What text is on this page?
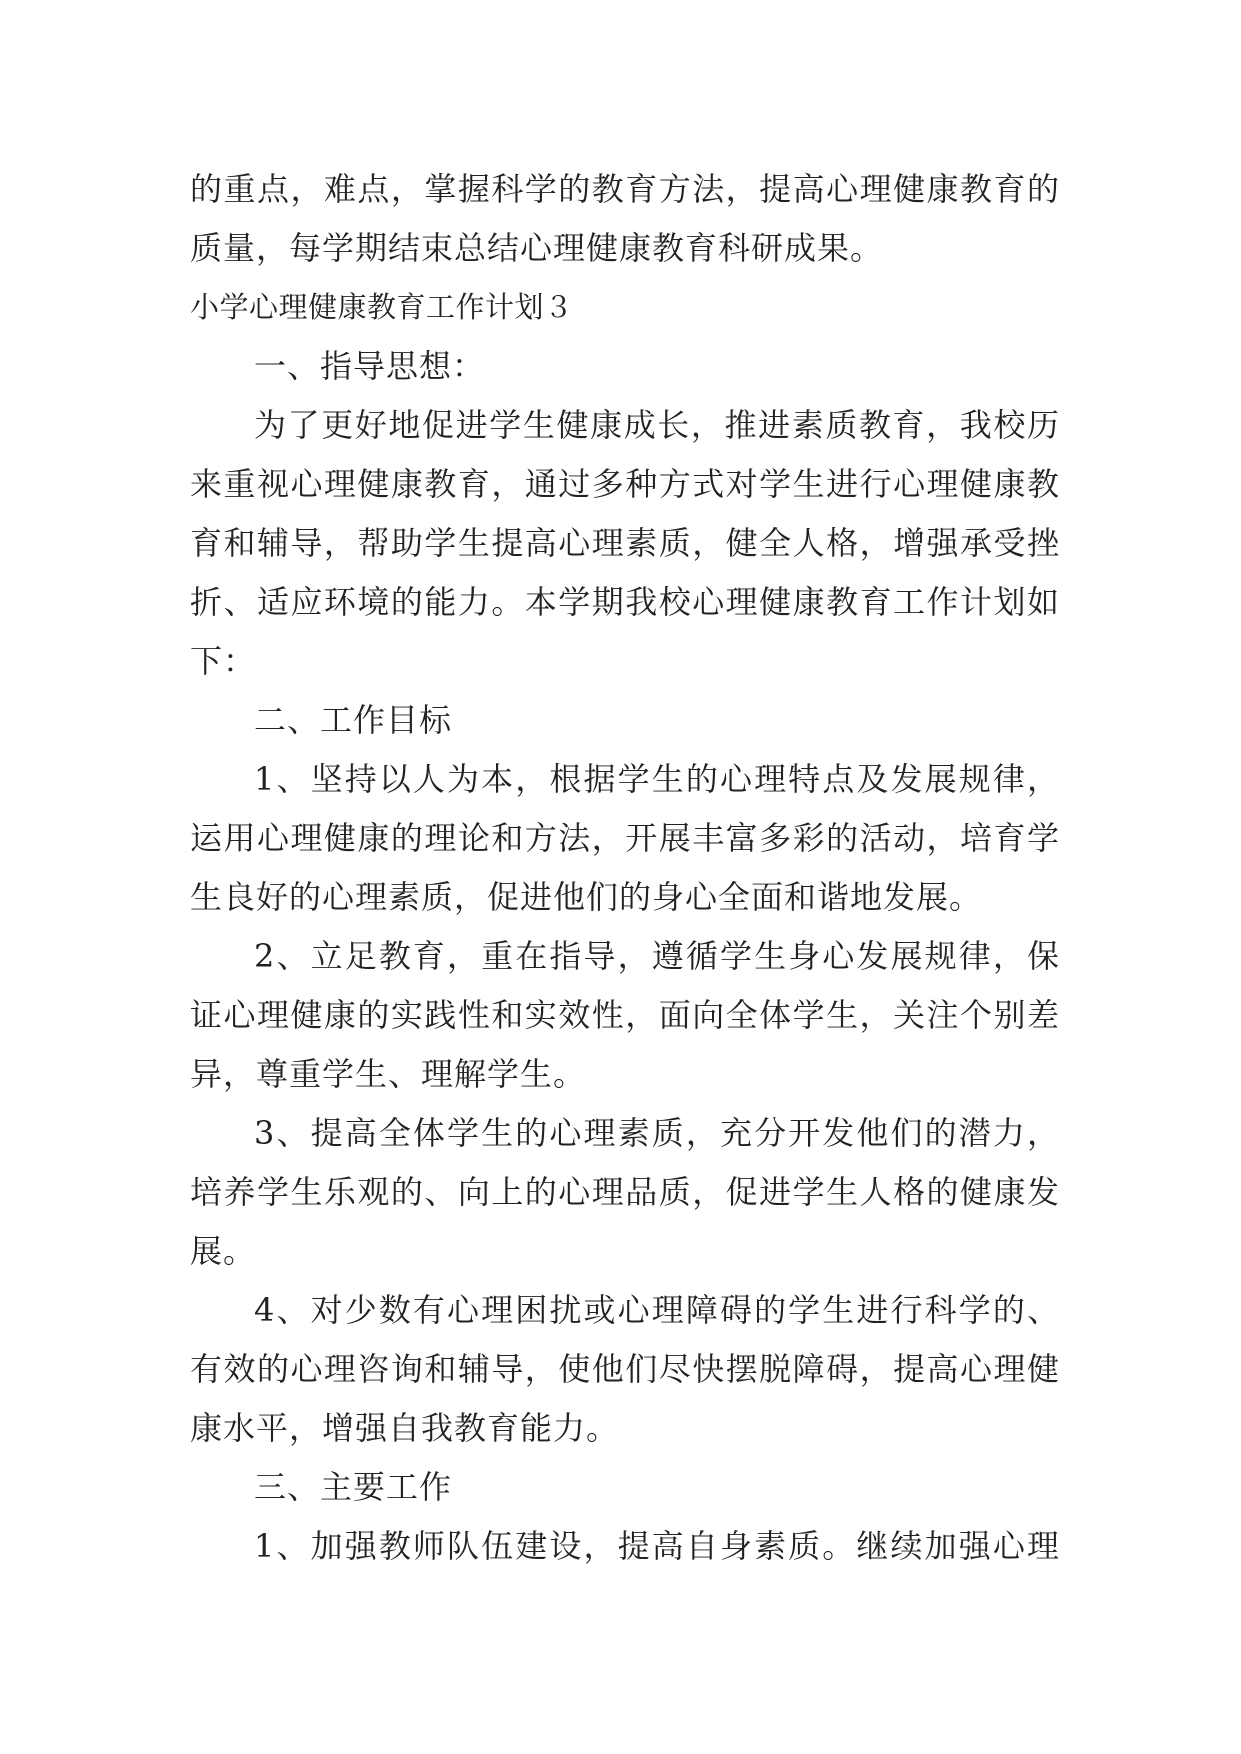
的重点，难点，掌握科学的教育方法，提高心理健康教育的
质量，每学期结束总结心理健康教育科研成果。
小学心理健康教育工作计划３
一、指导思想：
为了更好地促进学生健康成长，推进素质教育，我校历
来重视心理健康教育，通过多种方式对学生进行心理健康教
育和辅导，帮助学生提高心理素质，健全人格，增强承受挫
折、适应环境的能力。本学期我校心理健康教育工作计划如
下：
二、工作目标
1、坚持以人为本，根据学生的心理特点及发展规律，
运用心理健康的理论和方法，开展丰富多彩的活动，培育学
生良好的心理素质，促进他们的身心全面和谐地发展。
2、立足教育，重在指导，遵循学生身心发展规律，保
证心理健康的实践性和实效性，面向全体学生，关注个别差
异，尊重学生、理解学生。
3、提高全体学生的心理素质，充分开发他们的潜力，
培养学生乐观的、向上的心理品质，促进学生人格的健康发
展。
4、对少数有心理困扰或心理障碍的学生进行科学的、
有效的心理咨询和辅导，使他们尽快摆脱障碍，提高心理健
康水平，增强自我教育能力。
三、主要工作
1、加强教师队伍建设，提高自身素质。继续加强心理
